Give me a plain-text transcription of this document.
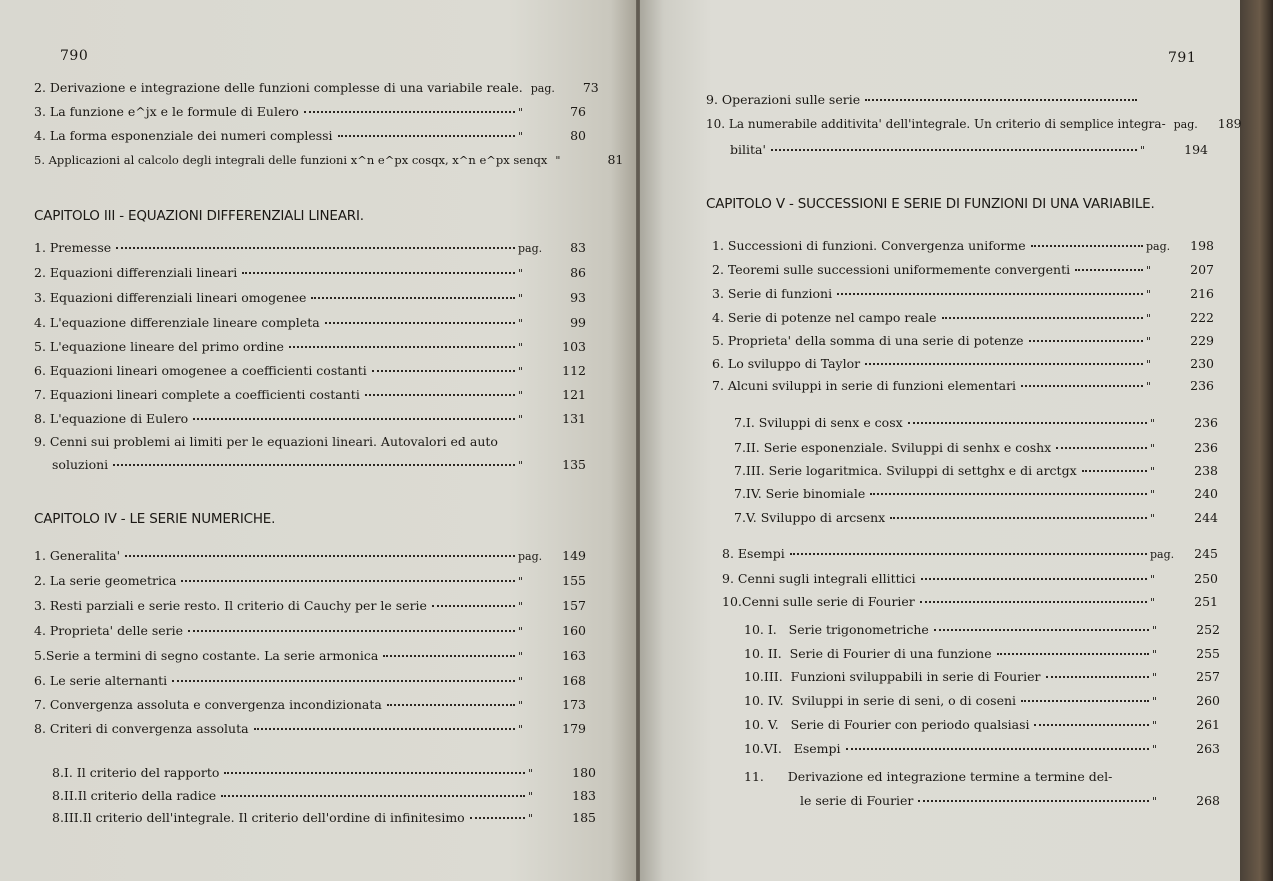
790
2. Derivazione e integrazione delle funzioni complesse di una variabile reale. pag.	73
3. La funzione e^jx e le formule di Eulero	"	76
4. La forma esponenziale dei numeri complessi	"	80
5. Applicazioni al calcolo degli integrali delle funzioni x^n e^px cosqx, x^n e^px senqx "	81
CAPITOLO III - EQUAZIONI DIFFERENZIALI LINEARI.
1. Premesse	pag.	83
2. Equazioni differenziali lineari	"	86
3. Equazioni differenziali lineari omogenee	"	93
4. L'equazione differenziale lineare completa	"	99
5. L'equazione lineare del primo ordine	"	103
6. Equazioni lineari omogenee a coefficienti costanti	"	112
7. Equazioni lineari complete a coefficienti costanti	"	121
8. L'equazione di Eulero	"	131
9. Cenni sui problemi ai limiti per le equazioni lineari. Autovalori ed auto
soluzioni	"	135
CAPITOLO IV - LE SERIE NUMERICHE.
1. Generalita'	pag.	149
2. La serie geometrica	"	155
3. Resti parziali e serie resto. Il criterio di Cauchy per le serie	"	157
4. Proprieta' delle serie	"	160
5.Serie a termini di segno costante. La serie armonica	"	163
6. Le serie alternanti	"	168
7. Convergenza assoluta e convergenza incondizionata	"	173
8. Criteri di convergenza assoluta	"	179
8.I. Il criterio del rapporto	"	180
8.II.Il criterio della radice	"	183
8.III.Il criterio dell'integrale. Il criterio dell'ordine di infinitesimo	"	185
791
9. Operazioni sulle serie
10. La numerabile additivita' dell'integrale. Un criterio di semplice integra- pag.	189
bilita'	"	194
CAPITOLO V - SUCCESSIONI E SERIE DI FUNZIONI DI UNA VARIABILE.
1. Successioni di funzioni. Convergenza uniforme	pag.	198
2. Teoremi sulle successioni uniformemente convergenti	"	207
3. Serie di funzioni	"	216
4. Serie di potenze nel campo reale	"	222
5. Proprieta' della somma di una serie di potenze	"	229
6. Lo sviluppo di Taylor	"	230
7. Alcuni sviluppi in serie di funzioni elementari	"	236
7.I. Sviluppi di senx e cosx	"	236
7.II. Serie esponenziale. Sviluppi di senhx e coshx	"	236
7.III. Serie logaritmica. Sviluppi di settghx e di arctgx	"	238
7.IV. Serie binomiale	"	240
7.V. Sviluppo di arcsenx	"	244
8. Esempi	pag.	245
9. Cenni sugli integrali ellittici	"	250
10.Cenni sulle serie di Fourier	"	251
10. I.   Serie trigonometriche	"	252
10. II.  Serie di Fourier di una funzione	"	255
10.III.  Funzioni sviluppabili in serie di Fourier	"	257
10. IV.  Sviluppi in serie di seni, o di coseni	"	260
10. V.   Serie di Fourier con periodo qualsiasi	"	261
10.VI.   Esempi	"	263
11.      Derivazione ed integrazione termine a termine del-
le serie di Fourier	"	268
